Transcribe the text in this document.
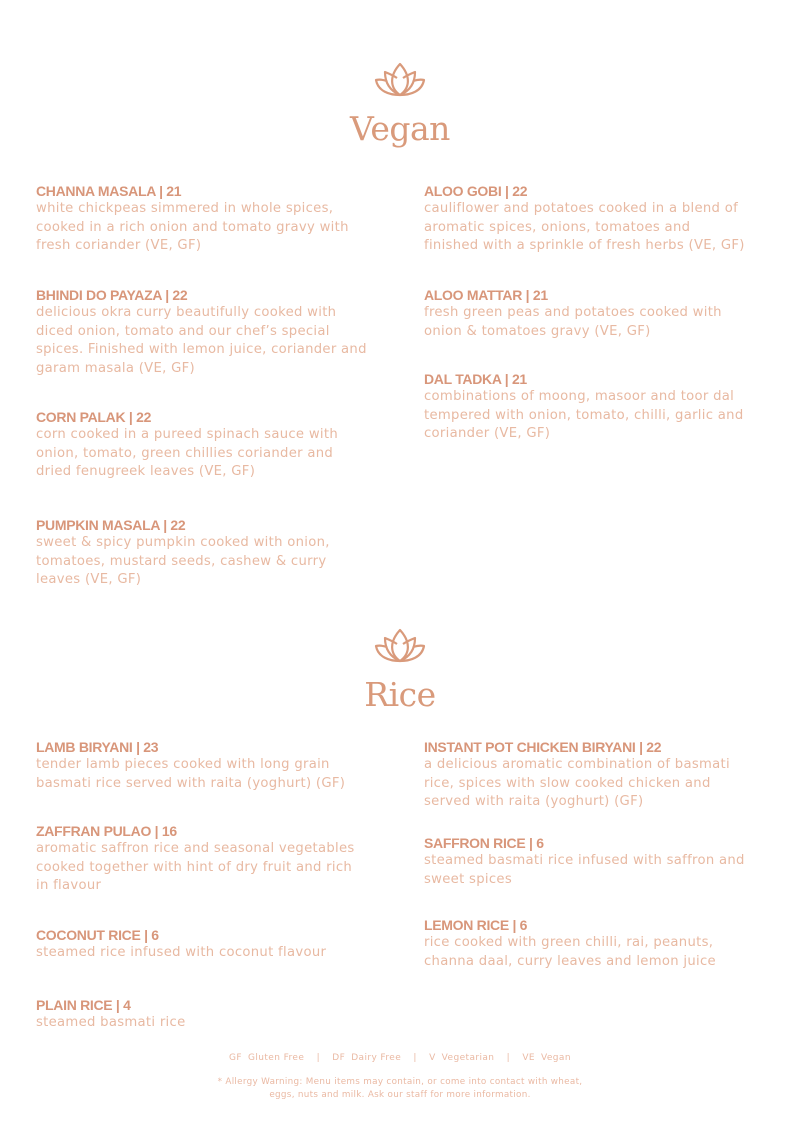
Vegan
CHANNA MASALA | 21
white chickpeas simmered in whole spices,
cooked in a rich onion and tomato gravy with
fresh coriander (VE, GF)
BHINDI DO PAYAZA | 22
delicious okra curry beautifully cooked with
diced onion, tomato and our chef’s special
spices. Finished with lemon juice, coriander and
garam masala (VE, GF)
CORN PALAK | 22
corn cooked in a pureed spinach sauce with
onion, tomato, green chillies coriander and
dried fenugreek leaves (VE, GF)
PUMPKIN MASALA | 22
sweet & spicy pumpkin cooked with onion,
tomatoes, mustard seeds, cashew & curry
leaves (VE, GF)
ALOO GOBI | 22
cauliflower and potatoes cooked in a blend of
aromatic spices, onions, tomatoes and
finished with a sprinkle of fresh herbs (VE, GF)
ALOO MATTAR | 21
fresh green peas and potatoes cooked with
onion & tomatoes gravy (VE, GF)
DAL TADKA | 21
combinations of moong, masoor and toor dal
tempered with onion, tomato, chilli, garlic and
coriander (VE, GF)
Rice
LAMB BIRYANI | 23
tender lamb pieces cooked with long grain
basmati rice served with raita (yoghurt) (GF)
ZAFFRAN PULAO | 16
aromatic saffron rice and seasonal vegetables
cooked together with hint of dry fruit and rich
in flavour
COCONUT RICE | 6
steamed rice infused with coconut flavour
PLAIN RICE | 4
steamed basmati rice
INSTANT POT CHICKEN BIRYANI | 22
a delicious aromatic combination of basmati
rice, spices with slow cooked chicken and
served with raita (yoghurt) (GF)
SAFFRON RICE | 6
steamed basmati rice infused with saffron and
sweet spices
LEMON RICE | 6
rice cooked with green chilli, rai, peanuts,
channa daal, curry leaves and lemon juice
GF Gluten Free | DF Dairy Free | V Vegetarian | VE Vegan
* Allergy Warning: Menu items may contain, or come into contact with wheat,
eggs, nuts and milk. Ask our staff for more information.
